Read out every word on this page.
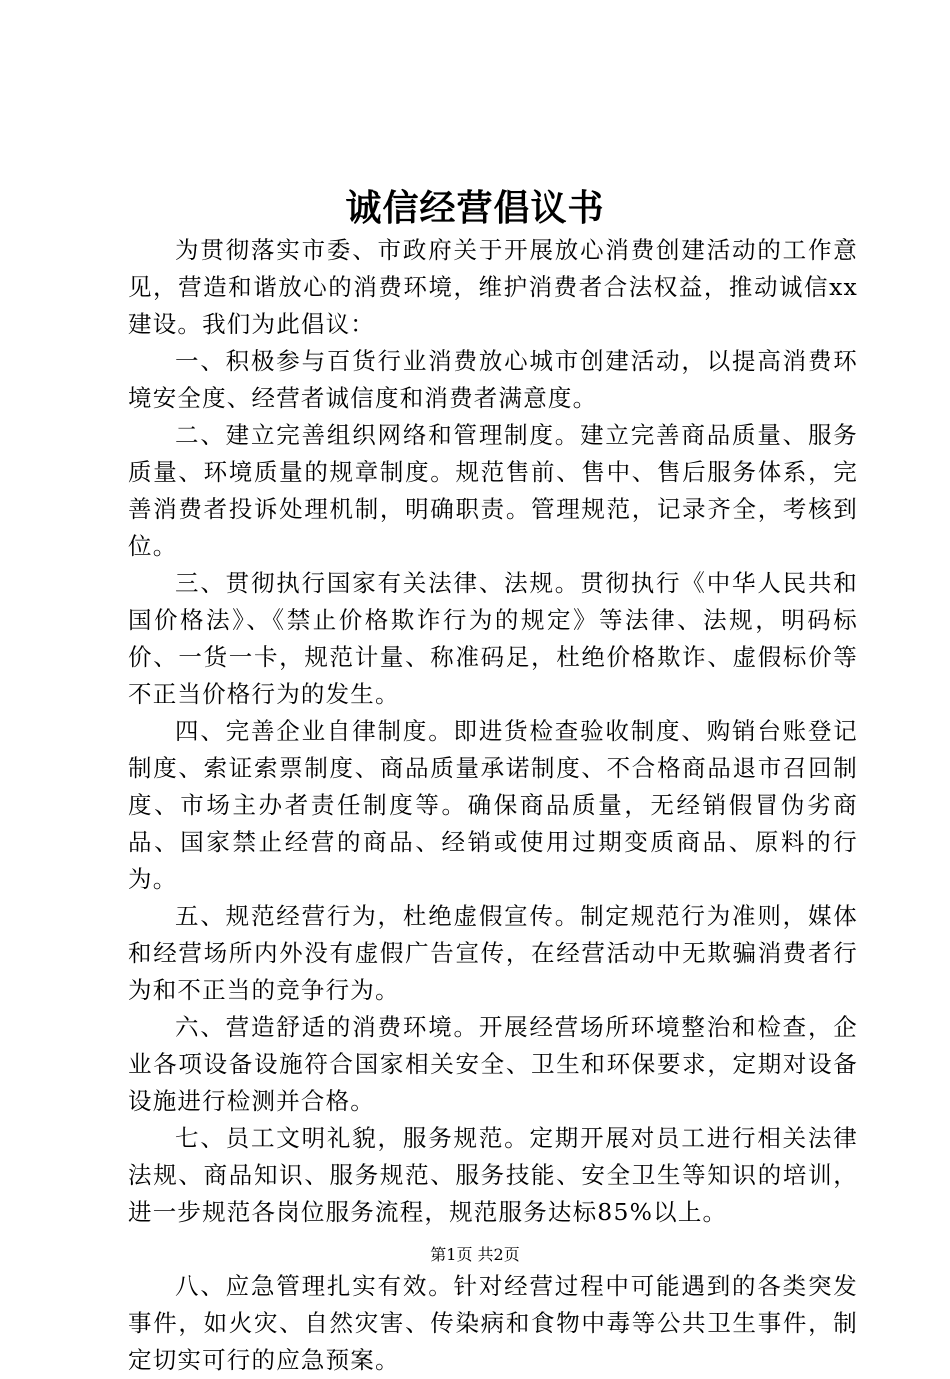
诚信经营倡议书

为贯彻落实市委、市政府关于开展放心消费创建活动的工作意见，营造和谐放心的消费环境，维护消费者合法权益，推动诚信xx建设。我们为此倡议：

一、积极参与百货行业消费放心城市创建活动，以提高消费环境安全度、经营者诚信度和消费者满意度。

二、建立完善组织网络和管理制度。建立完善商品质量、服务质量、环境质量的规章制度。规范售前、售中、售后服务体系，完善消费者投诉处理机制，明确职责。管理规范，记录齐全，考核到位。

三、贯彻执行国家有关法律、法规。贯彻执行《中华人民共和国价格法》、《禁止价格欺诈行为的规定》等法律、法规，明码标价、一货一卡，规范计量、称准码足，杜绝价格欺诈、虚假标价等不正当价格行为的发生。

四、完善企业自律制度。即进货检查验收制度、购销台账登记制度、索证索票制度、商品质量承诺制度、不合格商品退市召回制度、市场主办者责任制度等。确保商品质量，无经销假冒伪劣商品、国家禁止经营的商品、经销或使用过期变质商品、原料的行为。

五、规范经营行为，杜绝虚假宣传。制定规范行为准则，媒体和经营场所内外没有虚假广告宣传，在经营活动中无欺骗消费者行为和不正当的竞争行为。

六、营造舒适的消费环境。开展经营场所环境整治和检查，企业各项设备设施符合国家相关安全、卫生和环保要求，定期对设备设施进行检测并合格。

七、员工文明礼貌，服务规范。定期开展对员工进行相关法律法规、商品知识、服务规范、服务技能、安全卫生等知识的培训，进一步规范各岗位服务流程，规范服务达标85%以上。

八、应急管理扎实有效。针对经营过程中可能遇到的各类突发事件，如火灾、自然灾害、传染病和食物中毒等公共卫生事件，制定切实可行的应急预案。

第1页 共2页
